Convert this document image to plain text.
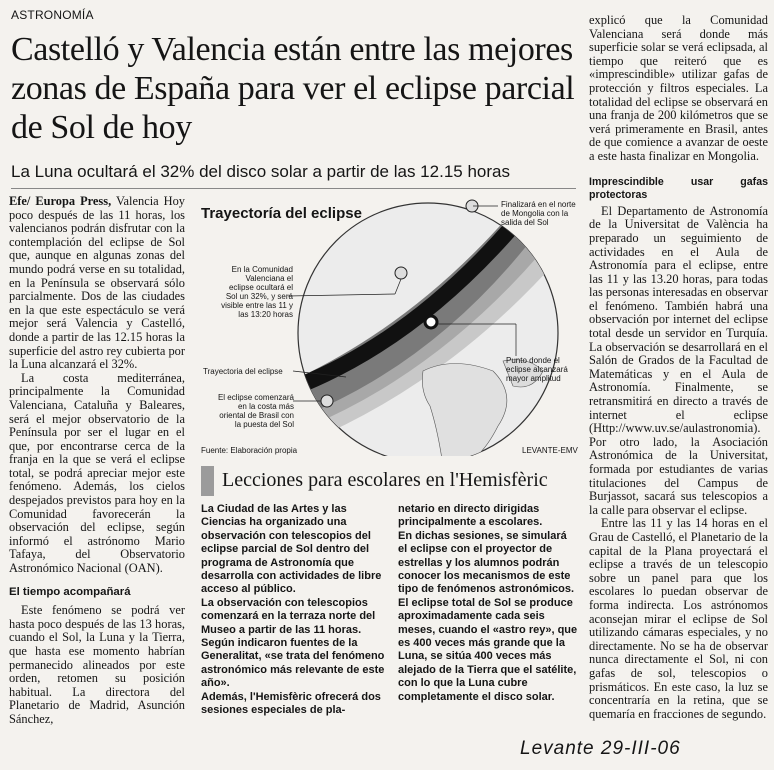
ASTRONOMÍA
Castelló y Valencia están entre las mejores zonas de España para ver el eclipse parcial de Sol de hoy
La Luna ocultará el 32% del disco solar a partir de las 12.15 horas

Efe/ Europa Press, Valencia Hoy poco después de las 11 horas, los valencianos podrán disfrutar con la contemplación del eclipse de Sol que, aunque en algunas zonas del mundo podrá verse en su totalidad, en la Península se observará sólo parcialmente. Dos de las ciudades en la que este espectáculo se verá mejor será Valencia y Castelló, donde a partir de las 12.15 horas la superficie del astro rey cubierta por la Luna alcanzará el 32%.

La costa mediterránea, principalmente la Comunidad Valenciana, Cataluña y Baleares, será el mejor observatorio de la Península por ser el lugar en el que, por encontrarse cerca de la franja en la que se verá el eclipse total, se podrá apreciar mejor este fenómeno. Además, los cielos despejados previstos para hoy en la Comunidad favorecerán la observación del eclipse, según informó el astrónomo Mario Tafaya, del Observatorio Astronómico Nacional (OAN).

El tiempo acompañará

Este fenómeno se podrá ver hasta poco después de las 13 horas, cuando el Sol, la Luna y la Tierra, que hasta ese momento habrían permanecido alineados por este orden, retomen su posición habitual. La directora del Planetario de Madrid, Asunción Sánchez,

Trayectoría del eclipse
En la Comunidad Valenciana el eclipse ocultará el Sol un 32%, y será visible entre las 11 y las 13:20 horas
Trayectoria del eclipse
El eclipse comenzará en la costa más oriental de Brasil con la puesta del Sol
Finalizará en el norte de Mongolia con la salida del Sol
Punto donde el eclipse alcanzará mayor amplitud
Fuente: Elaboración propia	LEVANTE-EMV
Lecciones para escolares en l'Hemisfèric

La Ciudad de las Artes y las Ciencias ha organizado una observación con telescopios del eclipse parcial de Sol dentro del programa de Astronomía que desarrolla con actividades de libre acceso al público.

La observación con telescopios comenzará en la terraza norte del Museo a partir de las 11 horas. Según indicaron fuentes de la Generalitat, «se trata del fenómeno astronómico más relevante de este año».

Además, l'Hemisfèric ofrecerá dos sesiones especiales de pla-

netario en directo dirigidas principalmente a escolares.

En dichas sesiones, se simulará el eclipse con el proyector de estrellas y los alumnos podrán conocer los mecanismos de este tipo de fenómenos astronómicos.

El eclipse total de Sol se produce aproximadamente cada seis meses, cuando el «astro rey», que es 400 veces más grande que la Luna, se sitúa 400 veces más alejado de la Tierra que el satélite, con lo que la Luna cubre completamente el disco solar.

explicó que la Comunidad Valenciana será donde más superficie solar se verá eclipsada, al tiempo que reiteró que es «imprescindible» utilizar gafas de protección y filtros especiales. La totalidad del eclipse se observará en una franja de 200 kilómetros que se verá primeramente en Brasil, antes de que comience a avanzar de oeste a este hasta finalizar en Mongolia.

Imprescindible usar gafas protectoras

El Departamento de Astronomía de la Universitat de València ha preparado un seguimiento de actividades en el Aula de Astronomía para el eclipse, entre las 11 y las 13.20 horas, para todas las personas interesadas en observar el fenómeno. También habrá una observación por internet del eclipse total desde un servidor en Turquía. La observación se desarrollará en el Salón de Grados de la Facultad de Matemáticas y en el Aula de Astronomía. Finalmente, se retransmitirá en directo a través de internet el eclipse (Http://www.uv.se/aulastronomia). Por otro lado, la Asociación Astronómica de la Universitat, formada por estudiantes de varias titulaciones del Campus de Burjassot, sacará sus telescopios a la calle para observar el eclipse.

Entre las 11 y las 14 horas en el Grau de Castelló, el Planetario de la capital de la Plana proyectará el eclipse a través de un telescopio sobre un panel para que los escolares lo puedan observar de forma indirecta. Los astrónomos aconsejan mirar el eclipse de Sol utilizando cámaras especiales, y no directamente. No se ha de observar nunca directamente el Sol, ni con gafas de sol, telescopios o prismáticos. En este caso, la luz se concentraría en la retina, que se quemaría en fracciones de segundo.

Levante 29-III-06
